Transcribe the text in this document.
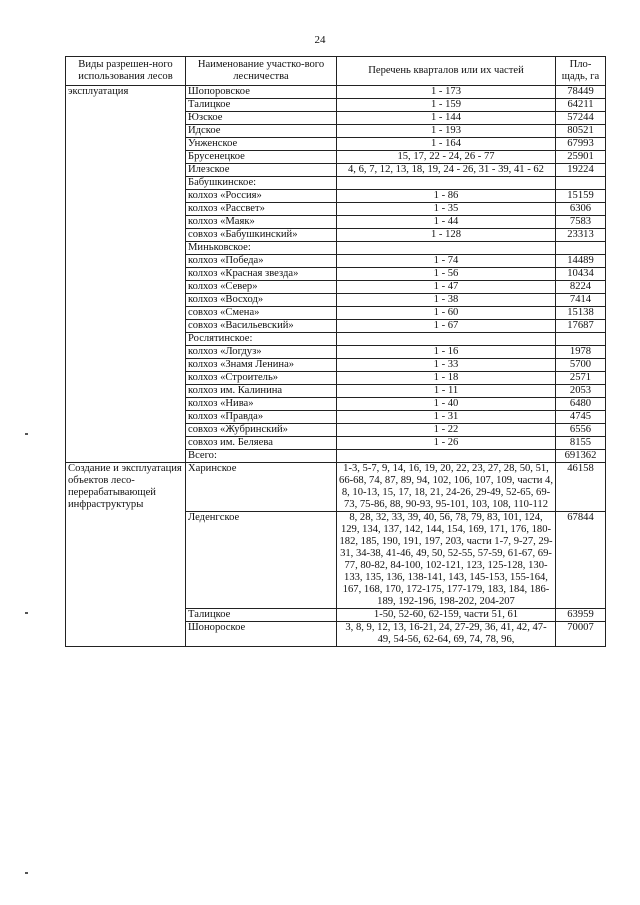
24
Виды разрешен-ного использования лесов	Наименование участко-вого лесничества	Перечень кварталов или их частей	Пло-щадь, га
эксплуатация	Шопоровское	1 - 173	78449
	Талицкое	1 - 159	64211
	Юзское	1 - 144	57244
	Идское	1 - 193	80521
	Унженское	1 - 164	67993
	Брусенецкое	15, 17, 22 - 24, 26 - 77	25901
	Илезское	4, 6, 7, 12, 13, 18, 19, 24 - 26, 31 - 39, 41 - 62	19224
	Бабушкинское:		
	колхоз «Россия»	1 - 86	15159
	колхоз «Рассвет»	1 - 35	6306
	колхоз «Маяк»	1 - 44	7583
	совхоз «Бабушкинский»	1 - 128	23313
	Миньковское:		
	колхоз «Победа»	1 - 74	14489
	колхоз «Красная звезда»	1 - 56	10434
	колхоз «Север»	1 - 47	8224
	колхоз «Восход»	1 - 38	7414
	совхоз «Смена»	1 - 60	15138
	совхоз «Васильевский»	1 - 67	17687
	Рослятинское:		
	колхоз «Логдуз»	1 - 16	1978
	колхоз «Знамя Ленина»	1 - 33	5700
	колхоз «Строитель»	1 - 18	2571
	колхоз им. Калинина	1 - 11	2053
	колхоз «Нива»	1 - 40	6480
	колхоз «Правда»	1 - 31	4745
	совхоз «Жубринский»	1 - 22	6556
	совхоз им. Беляева	1 - 26	8155
	Всего:		691362
Создание и эксплуатация объектов лесо-перерабатывающей инфраструктуры	Харинское	1-3, 5-7, 9, 14, 16, 19, 20, 22, 23, 27, 28, 50, 51, 66-68, 74, 87, 89, 94, 102, 106, 107, 109, части 4, 8, 10-13, 15, 17, 18, 21, 24-26, 29-49, 52-65, 69-73, 75-86, 88, 90-93, 95-101, 103, 108, 110-112	46158
	Леденгское	8, 28, 32, 33, 39, 40, 56, 78, 79, 83, 101, 124, 129, 134, 137, 142, 144, 154, 169, 171, 176, 180-182, 185, 190, 191, 197, 203, части 1-7, 9-27, 29-31, 34-38, 41-46, 49, 50, 52-55, 57-59, 61-67, 69-77, 80-82, 84-100, 102-121, 123, 125-128, 130-133, 135, 136, 138-141, 143, 145-153, 155-164, 167, 168, 170, 172-175, 177-179, 183, 184, 186-189, 192-196, 198-202, 204-207	67844
	Талицкое	1-50, 52-60, 62-159, части 51, 61	63959
	Шонороское	3, 8, 9, 12, 13, 16-21, 24, 27-29, 36, 41, 42, 47-49, 54-56, 62-64, 69, 74, 78, 96,	70007
